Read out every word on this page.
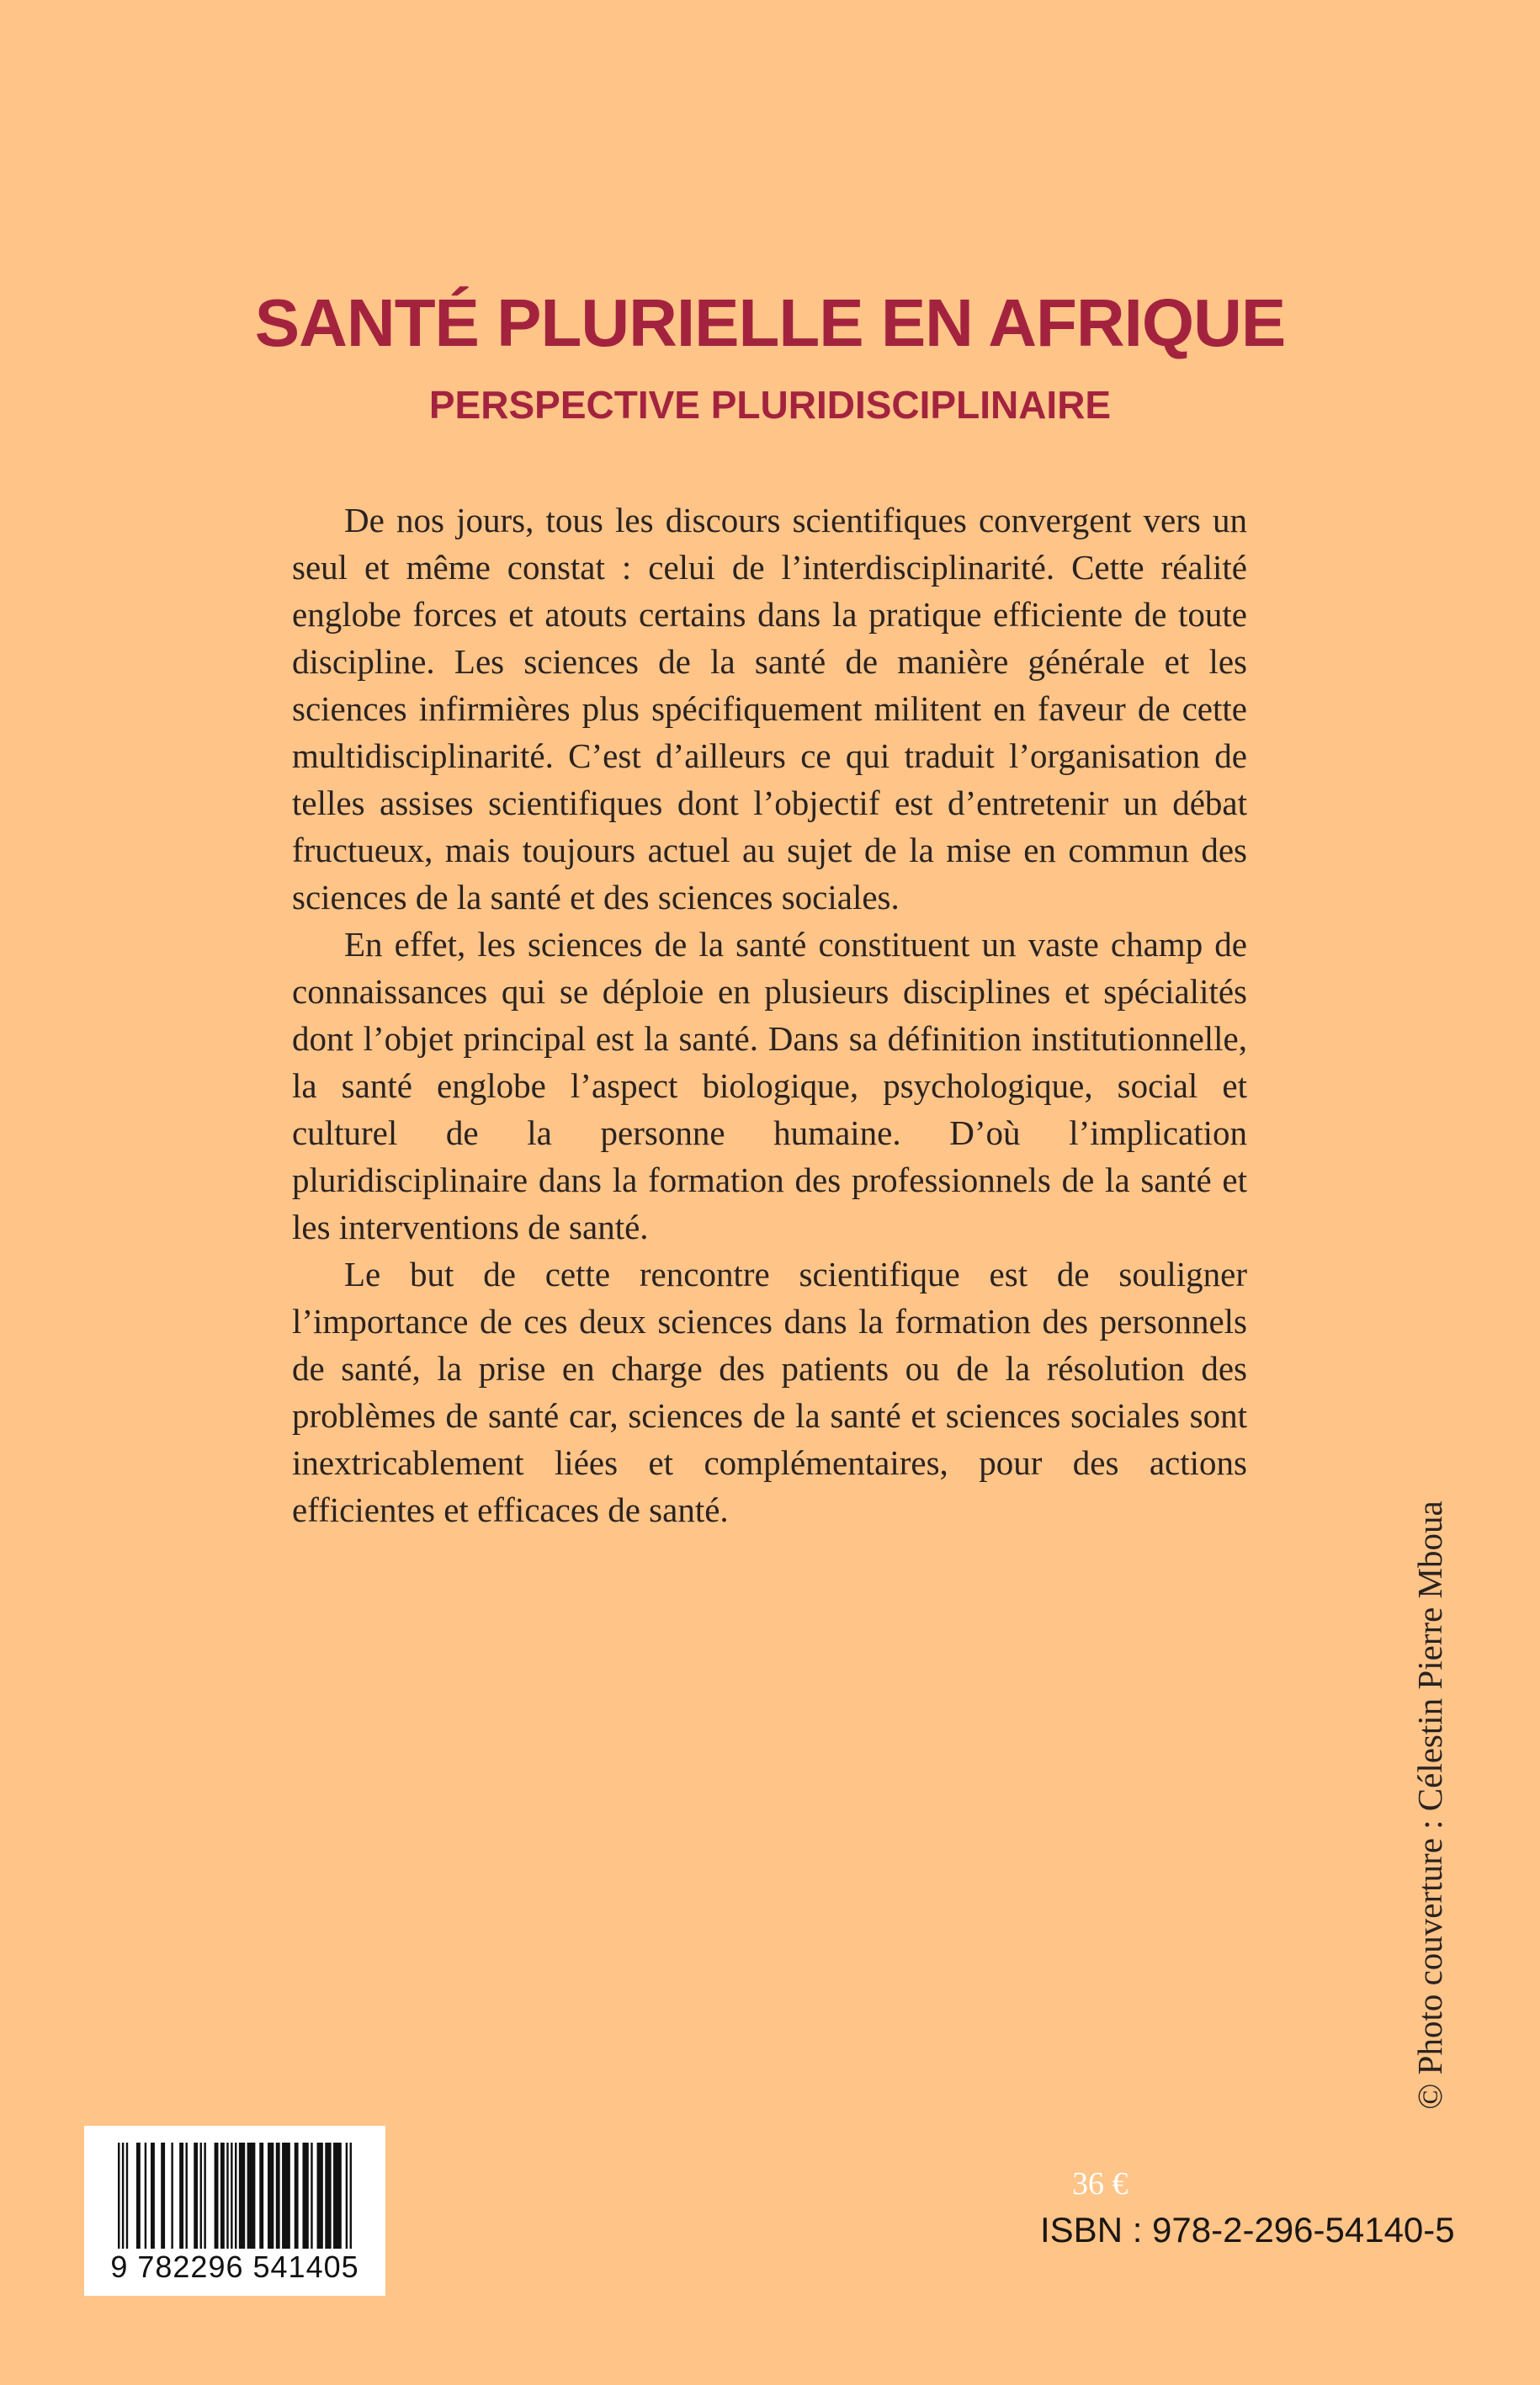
SANTÉ PLURIELLE EN AFRIQUE
PERSPECTIVE PLURIDISCIPLINAIRE

De nos jours, tous les discours scientifiques convergent vers un seul et même constat : celui de l’interdisciplinarité. Cette réalité englobe forces et atouts certains dans la pratique efficiente de toute discipline. Les sciences de la santé de manière générale et les sciences infirmières plus spécifiquement militent en faveur de cette multidisciplinarité. C’est d’ailleurs ce qui traduit l’organisation de telles assises scientifiques dont l’objectif est d’entretenir un débat fructueux, mais toujours actuel au sujet de la mise en commun des sciences de la santé et des sciences sociales.

En effet, les sciences de la santé constituent un vaste champ de connaissances qui se déploie en plusieurs disciplines et spécialités dont l’objet principal est la santé. Dans sa définition institutionnelle, la santé englobe l’aspect biologique, psychologique, social et culturel de la personne humaine. D’où l’implication pluridisciplinaire dans la formation des professionnels de la santé et les interventions de santé.

Le but de cette rencontre scientifique est de souligner l’importance de ces deux sciences dans la formation des personnels de santé, la prise en charge des patients ou de la résolution des problèmes de santé car, sciences de la santé et sciences sociales sont inextricablement liées et complémentaires, pour des actions efficientes et efficaces de santé.	© Photo couverture : Célestin Pierre Mboua
9 782296 541405
36 €
ISBN : 978-2-296-54140-5
